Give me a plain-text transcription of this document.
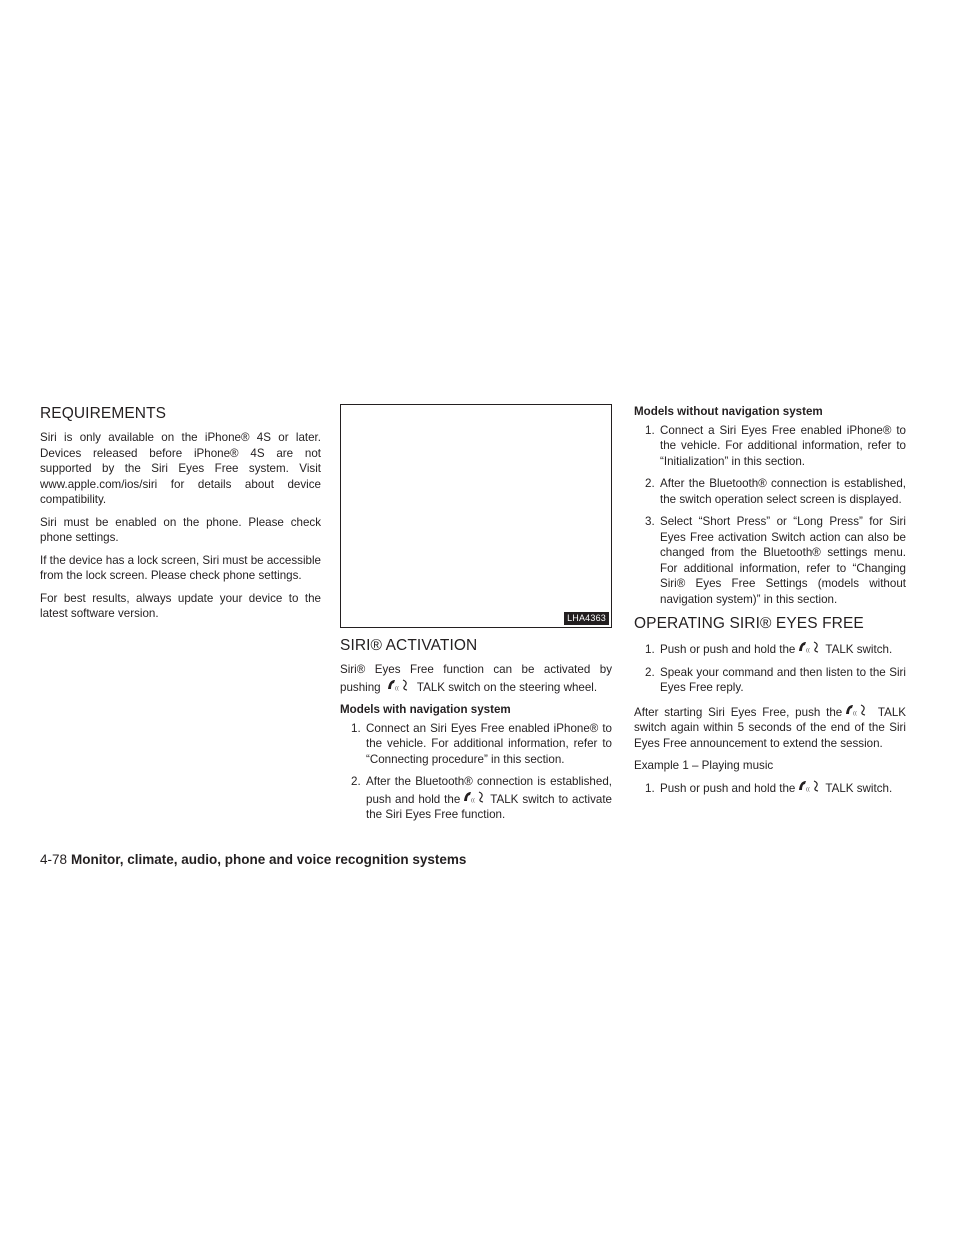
REQUIREMENTS

Siri is only available on the iPhone® 4S or later. Devices released before iPhone® 4S are not supported by the Siri Eyes Free system. Visit www.apple.com/ios/siri for details about device compatibility.

Siri must be enabled on the phone. Please check phone settings.

If the device has a lock screen, Siri must be accessible from the lock screen. Please check phone settings.

For best results, always update your device to the latest software version.	LHA4363
SIRI® ACTIVATION

Siri® Eyes Free function can be activated by pushing	(( TALK switch on the steering wheel.

Models with navigation system
1. Connect an Siri Eyes Free enabled iPhone® to the vehicle. For additional information, refer to “Connecting procedure” in this section.
2. After the Bluetooth® connection is established, push and hold the (( TALK switch to activate the Siri Eyes Free function.
Models without navigation system
1. Connect a Siri Eyes Free enabled iPhone® to the vehicle. For additional information, refer to “Initialization” in this section.
2. After the Bluetooth® connection is established, the switch operation select screen is displayed.
3. Select “Short Press” or “Long Press” for Siri Eyes Free activation Switch action can also be changed from the Bluetooth® settings menu. For additional information, refer to “Changing Siri® Eyes Free Settings (models without navigation system)” in this section.
OPERATING SIRI® EYES FREE
1. Push or push and hold the (( TALK switch.
2. Speak your command and then listen to the Siri Eyes Free reply.

After starting Siri Eyes Free, push the (( TALK switch again within 5 seconds of the end of the Siri Eyes Free announcement to extend the session.

Example 1 – Playing music

1. Push or push and hold the (( TALK switch.
4-78 Monitor, climate, audio, phone and voice recognition systems
